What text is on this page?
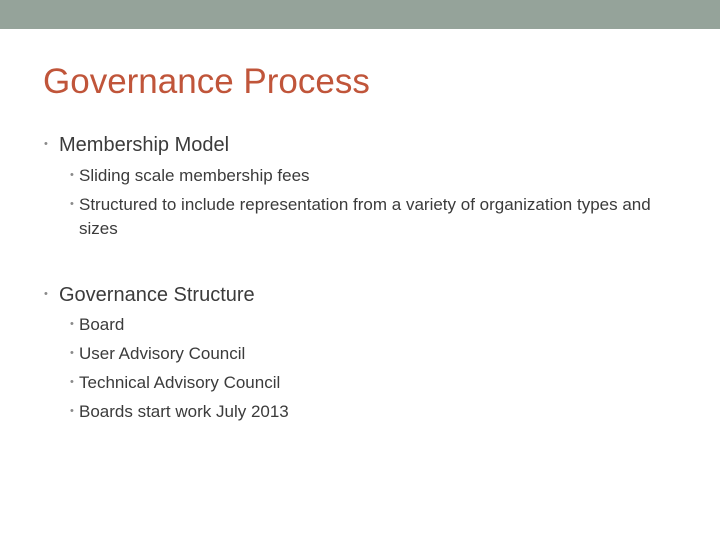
Governance Process
• Membership Model
• Sliding scale membership fees
• Structured to include representation from a variety of organization types and sizes
• Governance Structure
• Board
• User Advisory Council
• Technical Advisory Council
• Boards start work July 2013
